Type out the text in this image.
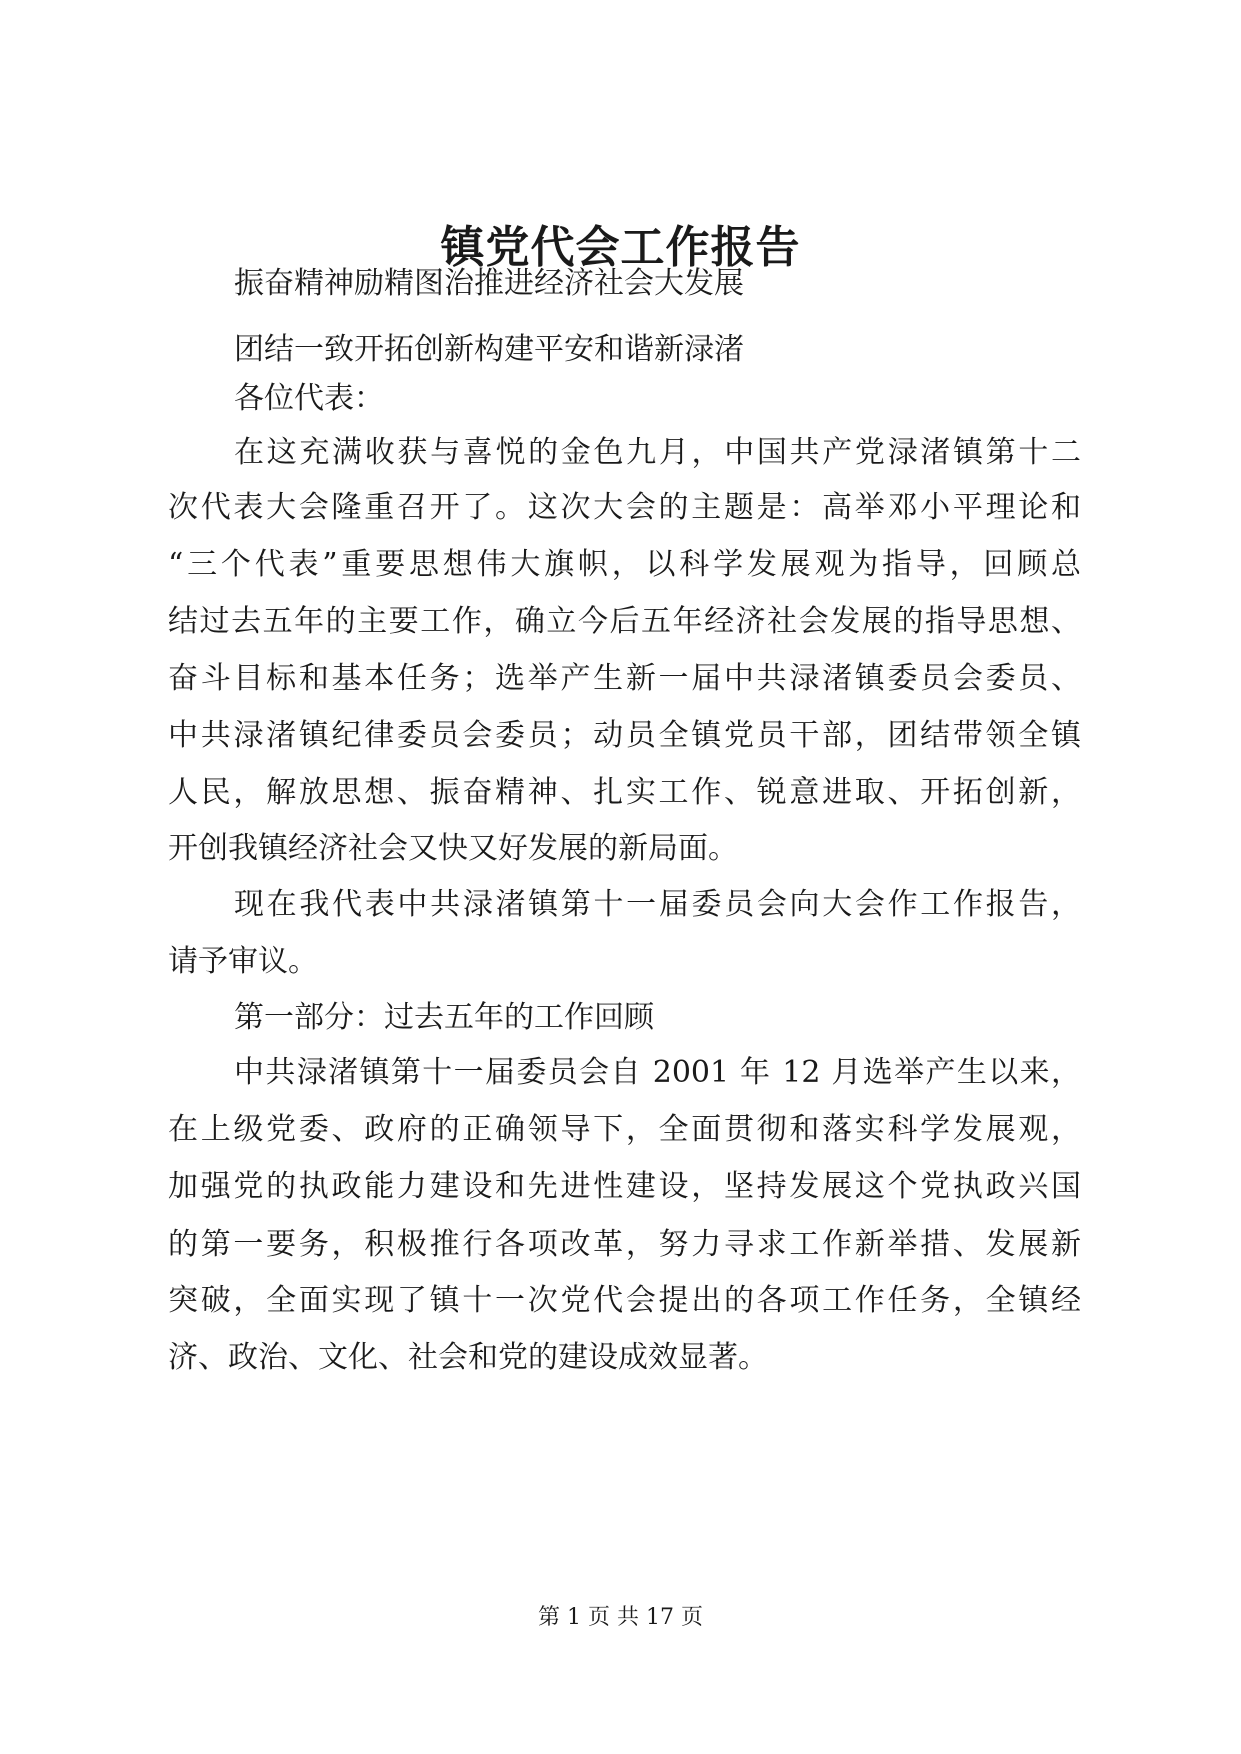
镇党代会工作报告
振奋精神励精图治推进经济社会大发展
团结一致开拓创新构建平安和谐新渌渚
各位代表：
在这充满收获与喜悦的金色九月，中国共产党渌渚镇第十二
次代表大会隆重召开了。这次大会的主题是：高举邓小平理论和
“三个代表”重要思想伟大旗帜，以科学发展观为指导，回顾总
结过去五年的主要工作，确立今后五年经济社会发展的指导思想、
奋斗目标和基本任务；选举产生新一届中共渌渚镇委员会委员、
中共渌渚镇纪律委员会委员；动员全镇党员干部，团结带领全镇
人民，解放思想、振奋精神、扎实工作、锐意进取、开拓创新，
开创我镇经济社会又快又好发展的新局面。
现在我代表中共渌渚镇第十一届委员会向大会作工作报告，
请予审议。
第一部分：过去五年的工作回顾
中共渌渚镇第十一届委员会自 2001 年 12 月选举产生以来，
在上级党委、政府的正确领导下，全面贯彻和落实科学发展观，
加强党的执政能力建设和先进性建设，坚持发展这个党执政兴国
的第一要务，积极推行各项改革，努力寻求工作新举措、发展新
突破，全面实现了镇十一次党代会提出的各项工作任务，全镇经
济、政治、文化、社会和党的建设成效显著。
第 1 页 共 17 页
